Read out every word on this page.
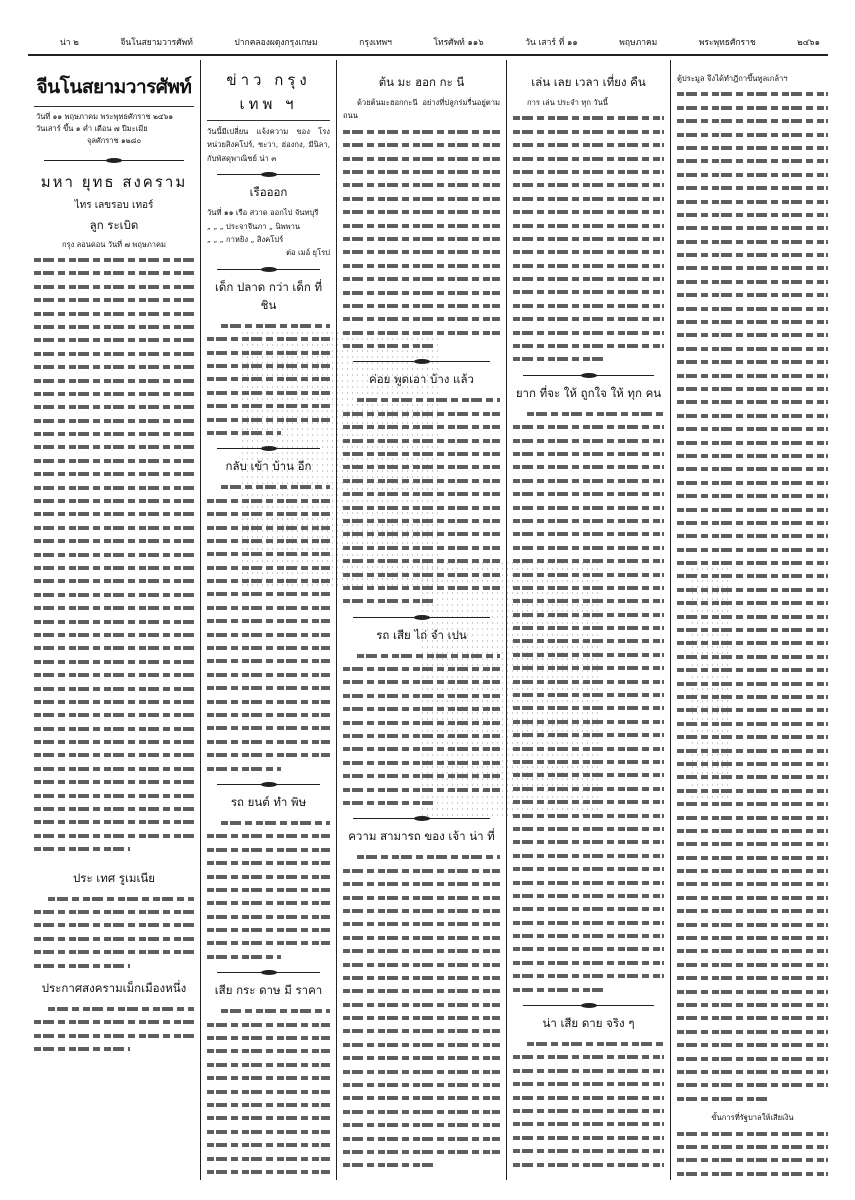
น่า ๒	จีนโนสยามวารศัพท์	ปากคลองผดุงกรุงเกษม	กรุงเทพฯ	โทรศัพท์ ๑๑๖	วัน เสาร์ ที่ ๑๑	พฤษภาคม	พระพุทธศักราช	๒๔๖๑
จีนโนสยามวารศัพท์
วันที่ ๑๑ พฤษภาคม พระพุทธศักราช ๒๔๖๑
วันเสาร์ ขึ้น ๑ ค่ำ เดือน ๗ ปีมะเมีย
จุลศักราช ๑๒๘๐
มหา ยุทธ สงคราม
ไทร เลขรอบ เทอร์
ลูก ระเบิด
กรุง ลอนดอน วันที่ ๗ พฤษภาคม
ประ เทศ รูเมเนีย
ประกาศสงครามเม็กเมืองหนึ่ง
ข่าว กรุง เทพ ฯ

วันนี้มีเปลี่ยน แจ้งความ ของ โรงหน่วยสิงคโปร์, ชะวา, ฮ่องกง, มีนิลา, กับพัสดุพาณิชย์ น่า ๓

เรือออก

วันที่ ๑๑ เรือ สวาด ออกไป จันทบุรี

„ „ „ ประจาจีนภา „ นิพพาน

„ „ „ กาหยิง „ สิงคโปร์

ต่อ เมอ์ ยุโรป

เด็ก ปลาด กว่า เด็ก ที่ ชิน
กลับ เข้า บ้าน อีก
รถ ยนต์ ทำ พิษ
เสีย กระ ดาษ มี ราคา
ต้น มะ ฮอก กะ นี

ด้วยต้นมะฮอกกะนี อย่างที่ปลูกร่มรื่นอยู่ตามถนน

ค่อย พูดเอา บ้าง แล้ว
รถ เสีย ไถ่ จำ เปน
ความ สามารถ ของ เจ้า น่า ที่
เล่น เลย เวลา เที่ยง คืน

การ เล่น ประจำ ทุก วันนี้

ยาก ที่จะ ให้ ถูกใจ ให้ ทุก คน
น่า เสีย ดาย จริง ๆ

ตู้ประมูล จึงได้ทำฎีกาขึ้นทูลเกล้าฯ

ขั้นการที่รัฐบาลให้เสียเงิน
